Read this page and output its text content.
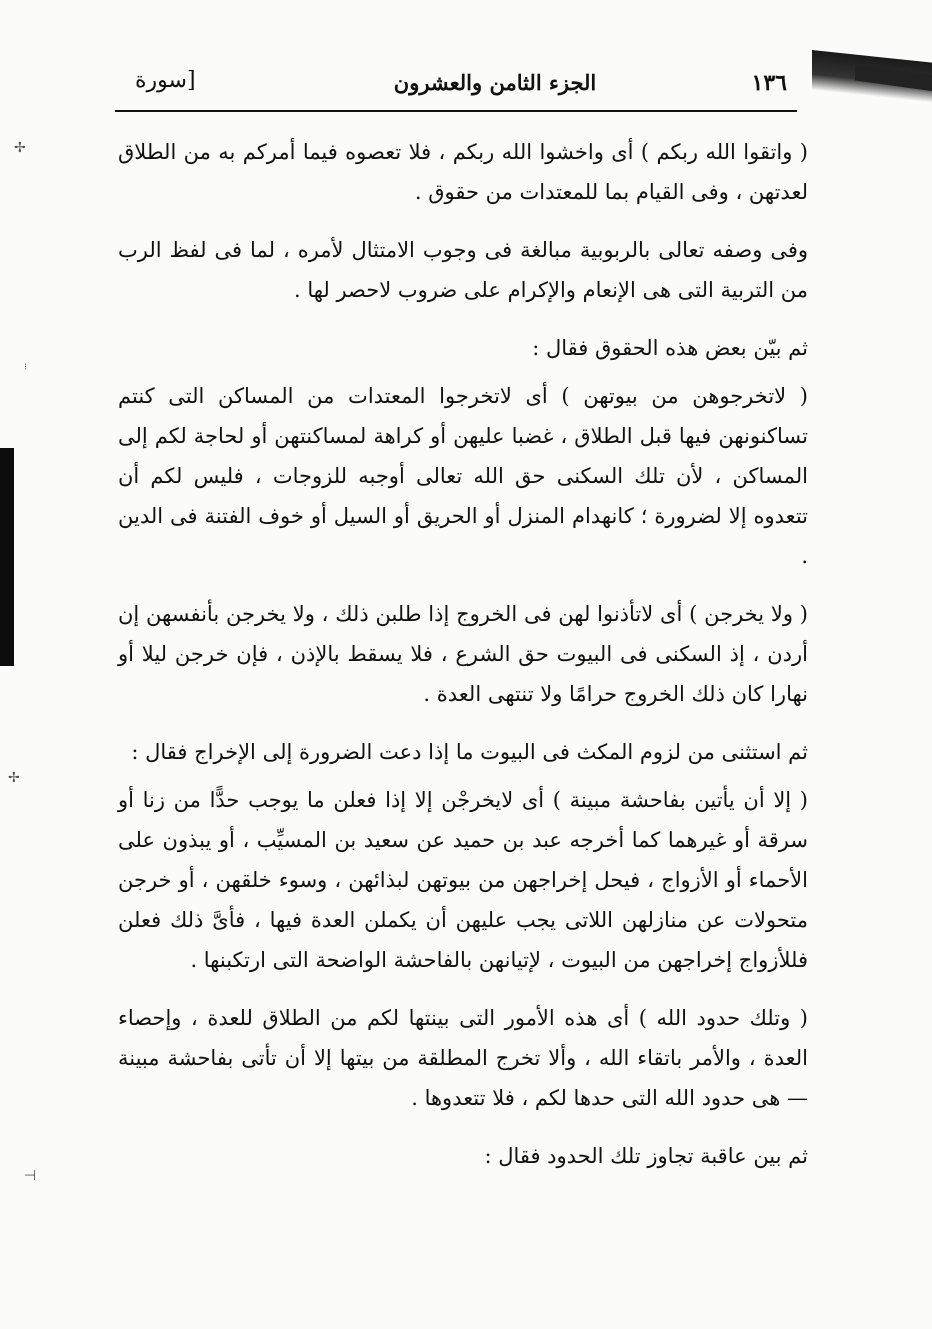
✢
⁝
✢
⊣
[سورة	الجزء الثامن والعشرون	١٣٦

( واتقوا الله ربكم ) أى واخشوا الله ربكم ، فلا تعصوه فيما أمركم به من الطلاق لعدتهن ، وفى القيام بما للمعتدات من حقوق .

وفى وصفه تعالى بالربوبية مبالغة فى وجوب الامتثال لأمره ، لما فى لفظ الرب من التربية التى هى الإنعام والإكرام على ضروب لاحصر لها .

ثم بيّن بعض هذه الحقوق فقال :

( لاتخرجوهن من بيوتهن ) أى لاتخرجوا المعتدات من المساكن التى كنتم تساكنونهن فيها قبل الطلاق ، غضبا عليهن أو كراهة لمساكنتهن أو لحاجة لكم إلى المساكن ، لأن تلك السكنى حق الله تعالى أوجبه للزوجات ، فليس لكم أن تتعدوه إلا لضرورة ؛ كانهدام المنزل أو الحريق أو السيل أو خوف الفتنة فى الدين .

( ولا يخرجن ) أى لاتأذنوا لهن فى الخروج إذا طلبن ذلك ، ولا يخرجن بأنفسهن إن أردن ، إذ السكنى فى البيوت حق الشرع ، فلا يسقط بالإذن ، فإن خرجن ليلا أو نهارا كان ذلك الخروج حرامًا ولا تنتهى العدة .

ثم استثنى من لزوم المكث فى البيوت ما إذا دعت الضرورة إلى الإخراج فقال :

( إلا أن يأتين بفاحشة مبينة ) أى لايخرجْن إلا إذا فعلن ما يوجب حدًّا من زنا أو سرقة أو غيرهما كما أخرجه عبد بن حميد عن سعيد بن المسيِّب ، أو يبذون على الأحماء أو الأزواج ، فيحل إخراجهن من بيوتهن لبذائهن ، وسوء خلقهن ، أو خرجن متحولات عن منازلهن اللاتى يجب عليهن أن يكملن العدة فيها ، فأىَّ ذلك فعلن فللأزواج إخراجهن من البيوت ، لإتيانهن بالفاحشة الواضحة التى ارتكبنها .

( وتلك حدود الله ) أى هذه الأمور التى بينتها لكم من الطلاق للعدة ، وإحصاء العدة ، والأمر باتقاء الله ، وألا تخرج المطلقة من بيتها إلا أن تأتى بفاحشة مبينة — هى حدود الله التى حدها لكم ، فلا تتعدوها .

ثم بين عاقبة تجاوز تلك الحدود فقال :
